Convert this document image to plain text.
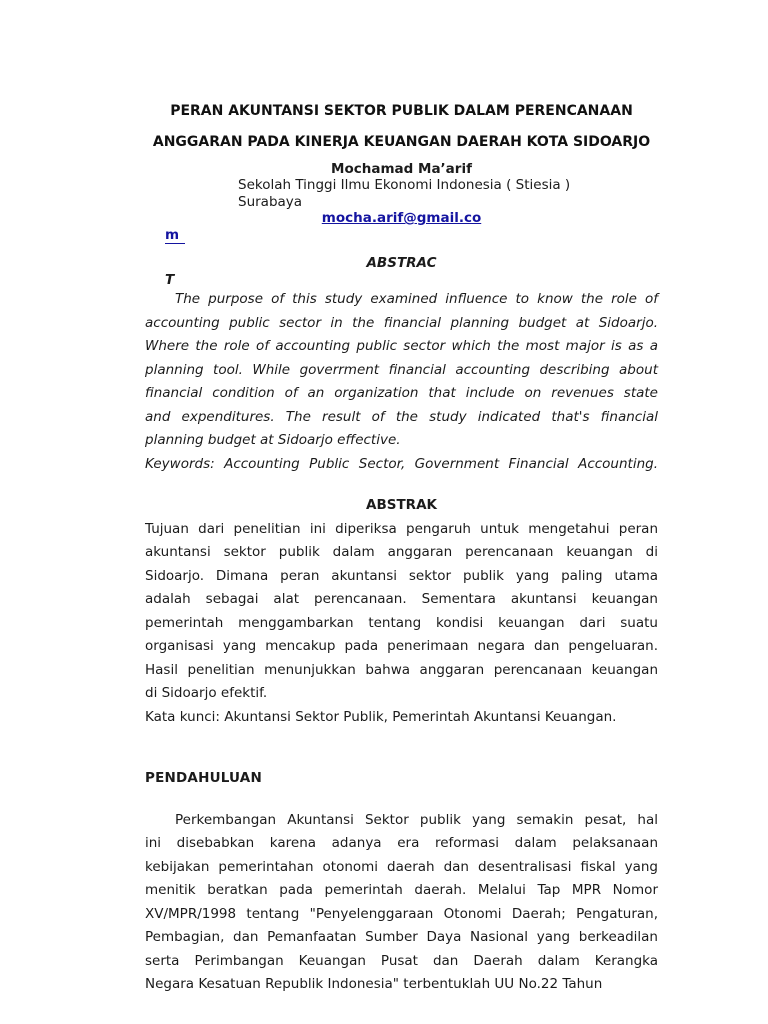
PERAN AKUNTANSI SEKTOR PUBLIK DALAM PERENCANAAN
ANGGARAN PADA KINERJA KEUANGAN DAERAH KOTA SIDOARJO
Mochamad Ma’arif
Sekolah Tinggi Ilmu Ekonomi Indonesia ( Stiesia )
Surabaya
mocha.arif@gmail.co
m
ABSTRAC
T
The purpose of this study examined influence to know the role of
accounting public sector in the financial planning budget at Sidoarjo.
Where the role of accounting public sector which the most major is as a
planning tool. While goverrment financial accounting describing about
financial condition of an organization that include on revenues state
and expenditures. The result of the study indicated that's financial
planning budget at Sidoarjo effective.
Keywords: Accounting Public Sector, Government Financial Accounting.
ABSTRAK
Tujuan dari penelitian ini diperiksa pengaruh untuk mengetahui peran
akuntansi sektor publik dalam anggaran perencanaan keuangan di
Sidoarjo. Dimana peran akuntansi sektor publik yang paling utama
adalah sebagai alat perencanaan. Sementara akuntansi keuangan
pemerintah menggambarkan tentang kondisi keuangan dari suatu
organisasi yang mencakup pada penerimaan negara dan pengeluaran.
Hasil penelitian menunjukkan bahwa anggaran perencanaan keuangan
di Sidoarjo efektif.
Kata kunci: Akuntansi Sektor Publik, Pemerintah Akuntansi Keuangan.
PENDAHULUAN
Perkembangan Akuntansi Sektor publik yang semakin pesat, hal
ini disebabkan karena adanya era reformasi dalam pelaksanaan
kebijakan pemerintahan otonomi daerah dan desentralisasi fiskal yang
menitik beratkan pada pemerintah daerah. Melalui Tap MPR Nomor
XV/MPR/1998 tentang "Penyelenggaraan Otonomi Daerah; Pengaturan,
Pembagian, dan Pemanfaatan Sumber Daya Nasional yang berkeadilan
serta Perimbangan Keuangan Pusat dan Daerah dalam Kerangka
Negara Kesatuan Republik Indonesia" terbentuklah UU No.22 Tahun
